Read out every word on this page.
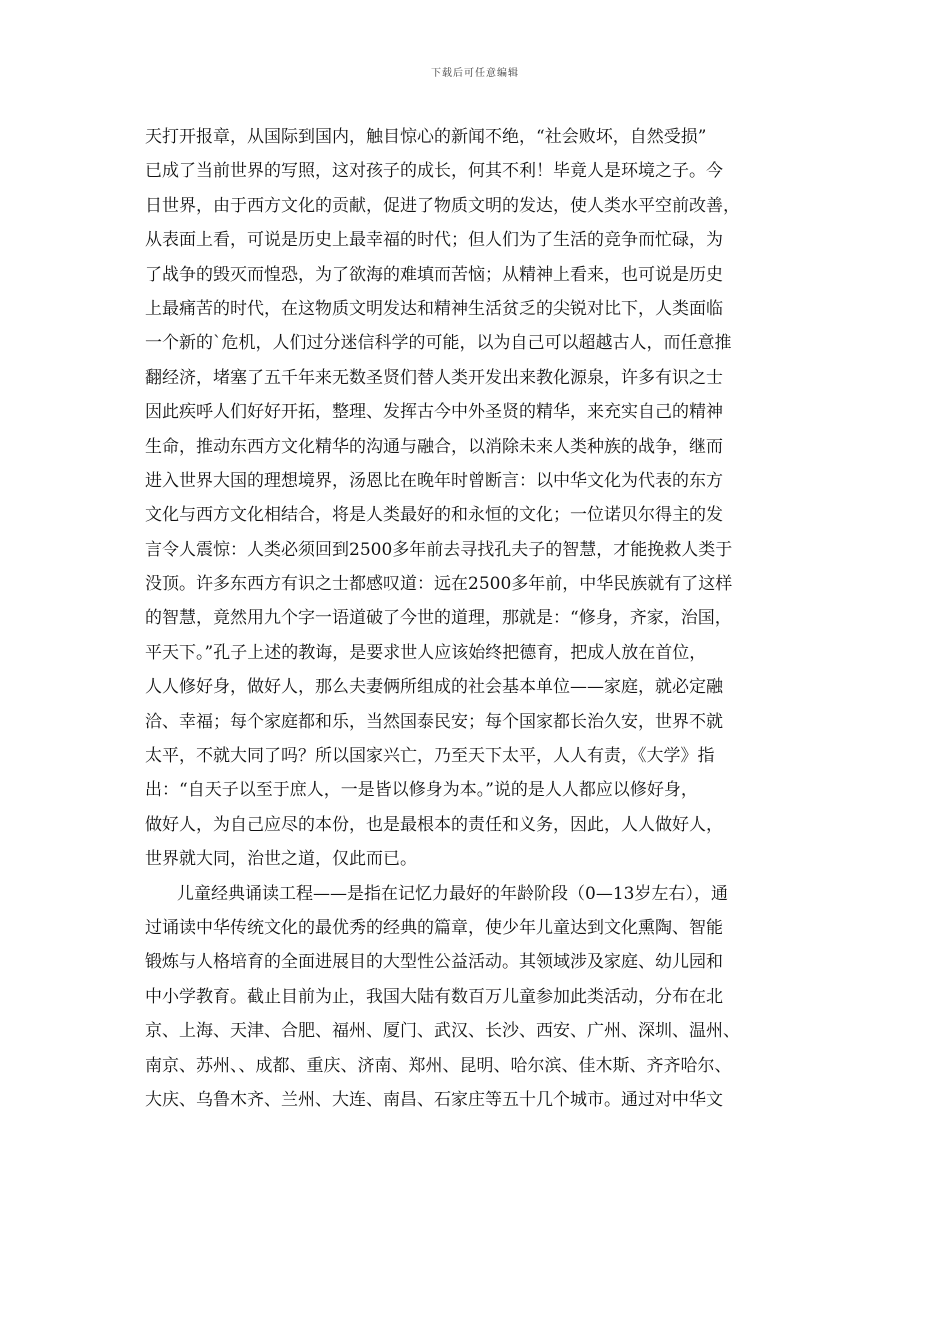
下载后可任意编辑
天打开报章，从国际到国内，触目惊心的新闻不绝，“社会败坏，自然受损”
已成了当前世界的写照，这对孩子的成长，何其不利！毕竟人是环境之子。今
日世界，由于西方文化的贡献，促进了物质文明的发达，使人类水平空前改善，
从表面上看，可说是历史上最幸福的时代；但人们为了生活的竞争而忙碌，为
了战争的毁灭而惶恐，为了欲海的难填而苦恼；从精神上看来，也可说是历史
上最痛苦的时代，在这物质文明发达和精神生活贫乏的尖锐对比下，人类面临
一个新的`危机，人们过分迷信科学的可能，以为自己可以超越古人，而任意推
翻经济，堵塞了五千年来无数圣贤们替人类开发出来教化源泉，许多有识之士
因此疾呼人们好好开拓，整理、发挥古今中外圣贤的精华，来充实自己的精神
生命，推动东西方文化精华的沟通与融合，以消除未来人类种族的战争，继而
进入世界大国的理想境界，汤恩比在晚年时曾断言：以中华文化为代表的东方
文化与西方文化相结合，将是人类最好的和永恒的文化；一位诺贝尔得主的发
言令人震惊：人类必须回到2500多年前去寻找孔夫子的智慧，才能挽救人类于
没顶。许多东西方有识之士都感叹道：远在2500多年前，中华民族就有了这样
的智慧，竟然用九个字一语道破了今世的道理，那就是：“修身，齐家，治国，
平天下。”孔子上述的教诲，是要求世人应该始终把德育，把成人放在首位，
人人修好身，做好人，那么夫妻俩所组成的社会基本单位——家庭，就必定融
洽、幸福；每个家庭都和乐，当然国泰民安；每个国家都长治久安，世界不就
太平，不就大同了吗？所以国家兴亡，乃至天下太平，人人有责，《大学》指
出：“自天子以至于庶人，一是皆以修身为本。”说的是人人都应以修好身，
做好人，为自己应尽的本份，也是最根本的责任和义务，因此，人人做好人，
世界就大同，治世之道，仅此而已。
儿童经典诵读工程——是指在记忆力最好的年龄阶段（0—13岁左右），通
过诵读中华传统文化的最优秀的经典的篇章，使少年儿童达到文化熏陶、智能
锻炼与人格培育的全面进展目的大型性公益活动。其领域涉及家庭、幼儿园和
中小学教育。截止目前为止，我国大陆有数百万儿童参加此类活动，分布在北
京、上海、天津、合肥、福州、厦门、武汉、长沙、西安、广州、深圳、温州、
南京、苏州、、成都、重庆、济南、郑州、昆明、哈尔滨、佳木斯、齐齐哈尔、
大庆、乌鲁木齐、兰州、大连、南昌、石家庄等五十几个城市。通过对中华文
